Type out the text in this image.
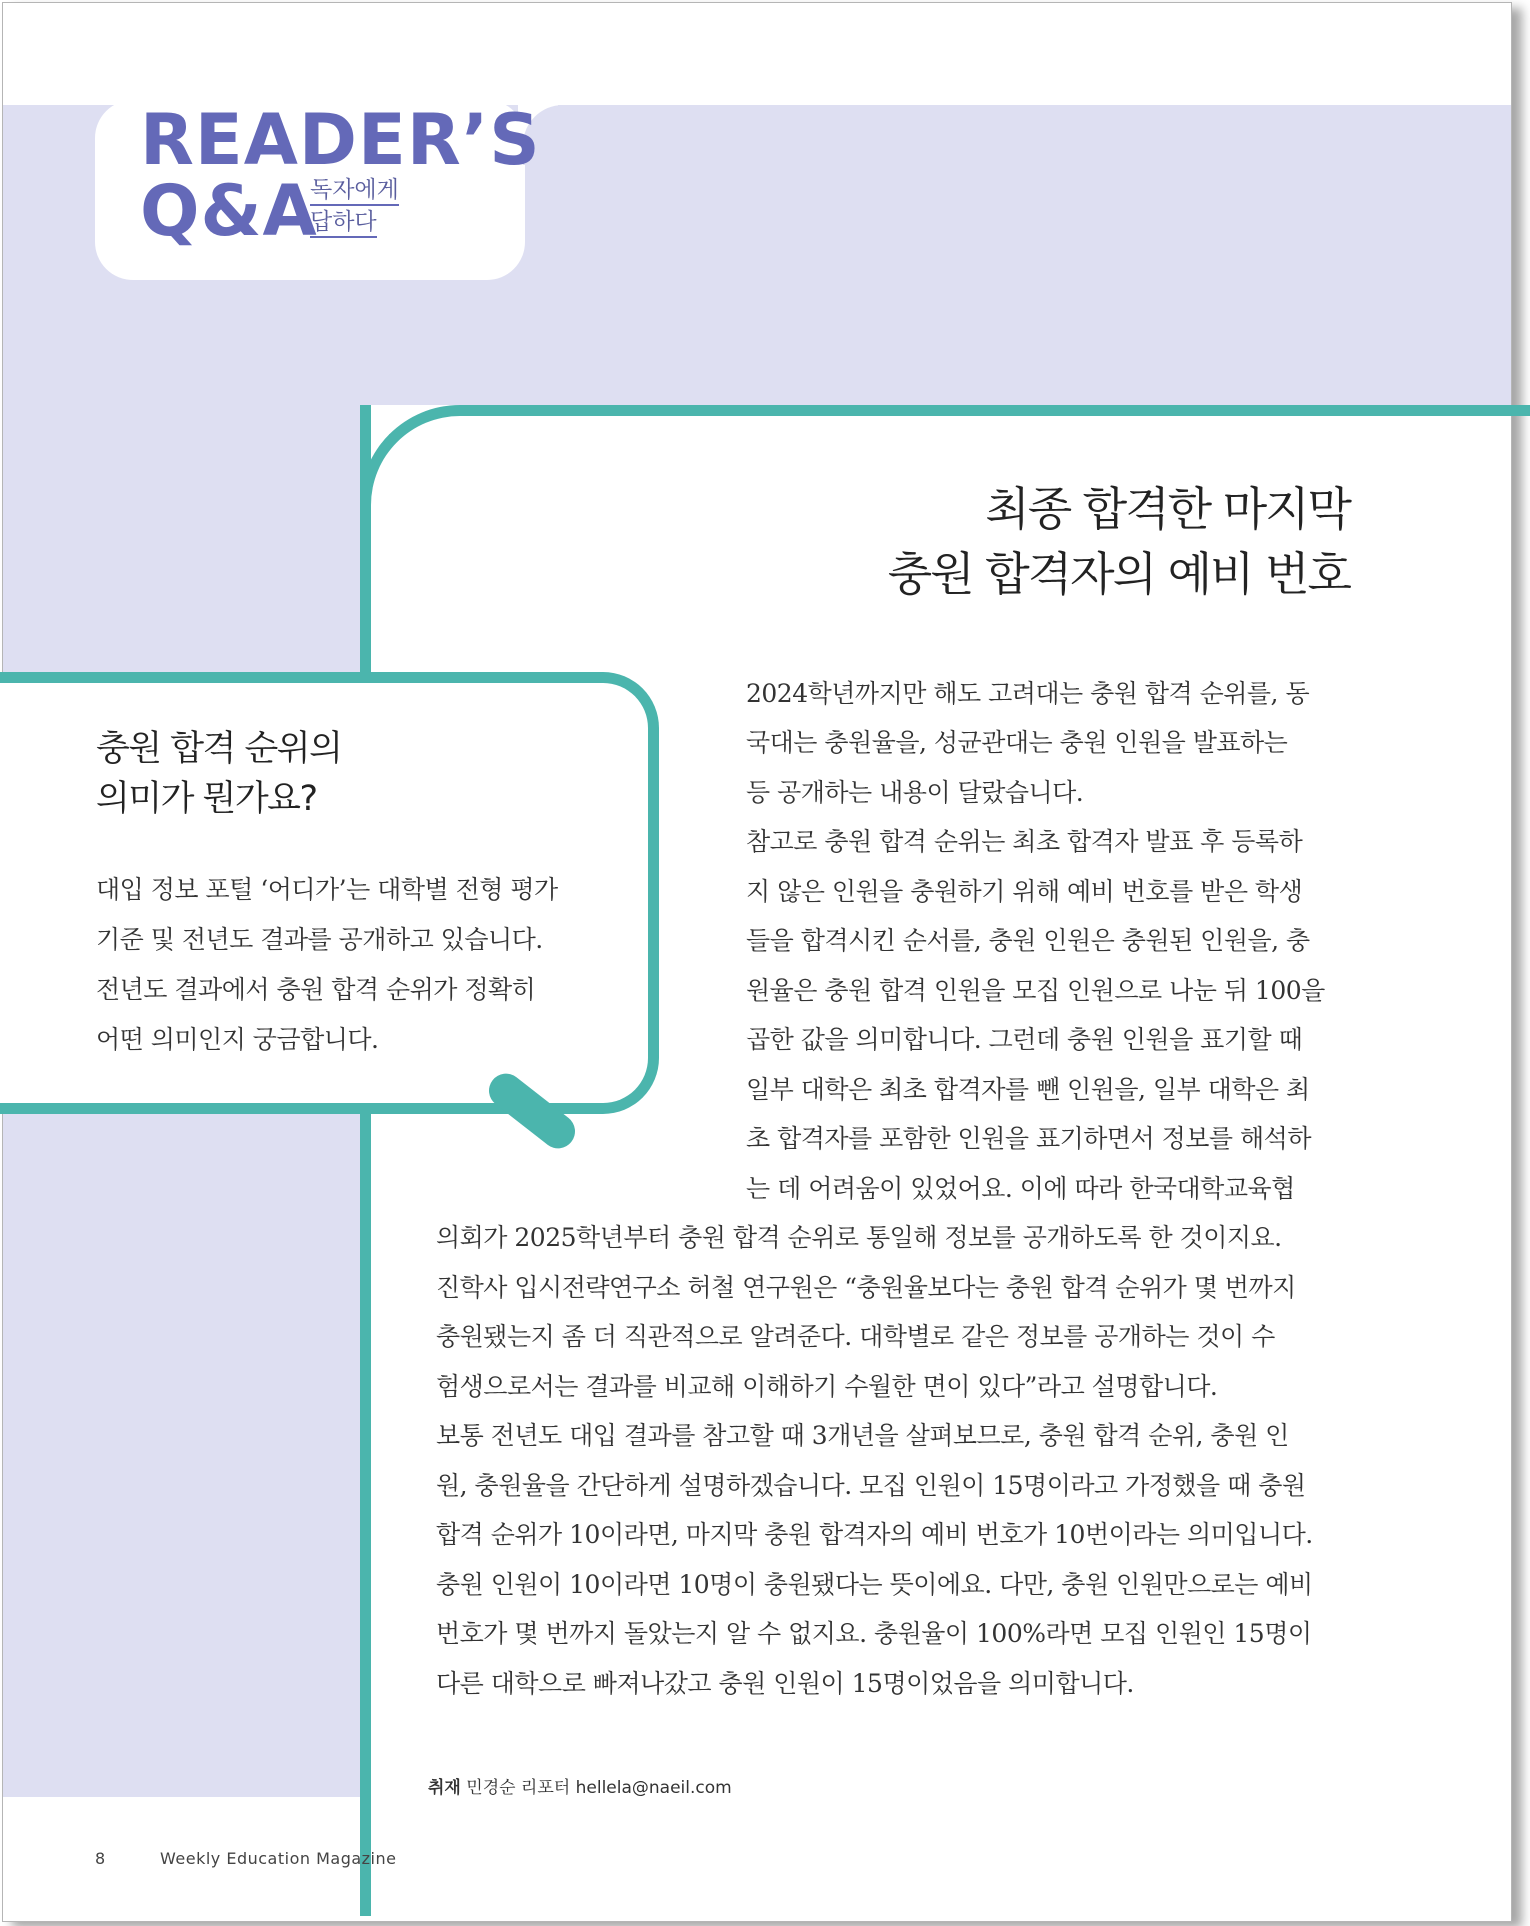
READER’S
Q&A
독자에게
답하다
최종 합격한 마지막
충원 합격자의 예비 번호
충원 합격 순위의
의미가 뭔가요?
대입 정보 포털 ‘어디가’는 대학별 전형 평가
기준 및 전년도 결과를 공개하고 있습니다.
전년도 결과에서 충원 합격 순위가 정확히
어떤 의미인지 궁금합니다.
2024학년까지만 해도 고려대는 충원 합격 순위를, 동
국대는 충원율을, 성균관대는 충원 인원을 발표하는
등 공개하는 내용이 달랐습니다.
참고로 충원 합격 순위는 최초 합격자 발표 후 등록하
지 않은 인원을 충원하기 위해 예비 번호를 받은 학생
들을 합격시킨 순서를, 충원 인원은 충원된 인원을, 충
원율은 충원 합격 인원을 모집 인원으로 나눈 뒤 100을
곱한 값을 의미합니다. 그런데 충원 인원을 표기할 때
일부 대학은 최초 합격자를 뺀 인원을, 일부 대학은 최
초 합격자를 포함한 인원을 표기하면서 정보를 해석하
는 데 어려움이 있었어요. 이에 따라 한국대학교육협
의회가 2025학년부터 충원 합격 순위로 통일해 정보를 공개하도록 한 것이지요.
진학사 입시전략연구소 허철 연구원은 “충원율보다는 충원 합격 순위가 몇 번까지
충원됐는지 좀 더 직관적으로 알려준다. 대학별로 같은 정보를 공개하는 것이 수
험생으로서는 결과를 비교해 이해하기 수월한 면이 있다”라고 설명합니다.
보통 전년도 대입 결과를 참고할 때 3개년을 살펴보므로, 충원 합격 순위, 충원 인
원, 충원율을 간단하게 설명하겠습니다. 모집 인원이 15명이라고 가정했을 때 충원
합격 순위가 10이라면, 마지막 충원 합격자의 예비 번호가 10번이라는 의미입니다.
충원 인원이 10이라면 10명이 충원됐다는 뜻이에요. 다만, 충원 인원만으로는 예비
번호가 몇 번까지 돌았는지 알 수 없지요. 충원율이 100%라면 모집 인원인 15명이
다른 대학으로 빠져나갔고 충원 인원이 15명이었음을 의미합니다.
취재 민경순 리포터 hellela@naeil.com
8	Weekly Education Magazine
